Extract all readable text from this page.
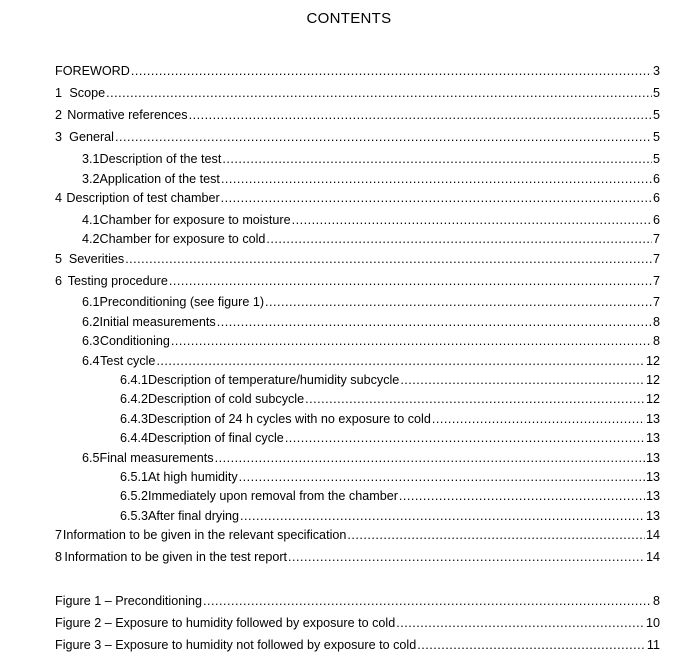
CONTENTS
FOREWORD .....	3
1 Scope .....	5
2 Normative references .....	5
3 General .....	5
3.1 Description of the test .....	5
3.2 Application of the test .....	6
4 Description of test chamber .....	6
4.1 Chamber for exposure to moisture .....	6
4.2 Chamber for exposure to cold .....	7
5 Severities .....	7
6 Testing procedure .....	7
6.1 Preconditioning (see figure 1) .....	7
6.2 Initial measurements .....	8
6.3 Conditioning .....	8
6.4 Test cycle .....	12
6.4.1 Description of temperature/humidity subcycle .....	12
6.4.2 Description of cold subcycle .....	12
6.4.3 Description of 24 h cycles with no exposure to cold .....	13
6.4.4 Description of final cycle .....	13
6.5 Final measurements .....	13
6.5.1 At high humidity .....	13
6.5.2 Immediately upon removal from the chamber .....	13
6.5.3 After final drying .....	13
7 Information to be given in the relevant specification .....	14
8 Information to be given in the test report .....	14
Figure 1 – Preconditioning .....	8
Figure 2 – Exposure to humidity followed by exposure to cold .....	10
Figure 3 – Exposure to humidity not followed by exposure to cold .....	11
